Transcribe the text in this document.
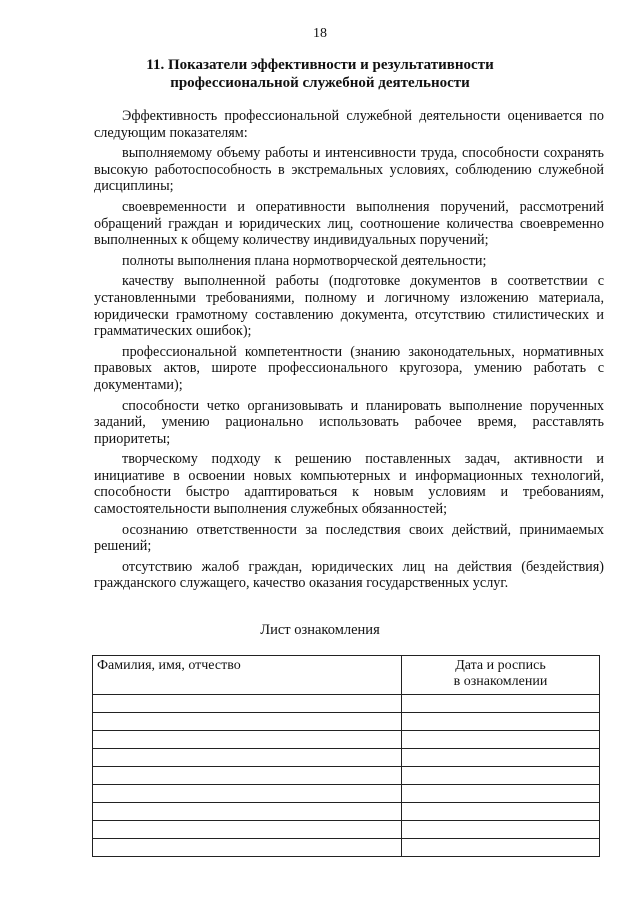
18
11. Показатели эффективности и результативности
профессиональной служебной деятельности

Эффективность профессиональной служебной деятельности оценивается по следующим показателям:

выполняемому объему работы и интенсивности труда, способности сохранять высокую работоспособность в экстремальных условиях, соблюдению служебной дисциплины;

своевременности и оперативности выполнения поручений, рассмотрений обращений граждан и юридических лиц, соотношение количества своевременно выполненных к общему количеству индивидуальных поручений;

полноты выполнения плана нормотворческой деятельности;

качеству выполненной работы (подготовке документов в соответствии с установленными требованиями, полному и логичному изложению материала, юридически грамотному составлению документа, отсутствию стилистических и грамматических ошибок);

профессиональной компетентности (знанию законодательных, нормативных правовых актов, широте профессионального кругозора, умению работать с документами);

способности четко организовывать и планировать выполнение порученных заданий, умению рационально использовать рабочее время, расставлять приоритеты;

творческому подходу к решению поставленных задач, активности и инициативе в освоении новых компьютерных и информационных технологий, способности быстро адаптироваться к новым условиям и требованиям, самостоятельности выполнения служебных обязанностей;

осознанию ответственности за последствия своих действий, принимаемых решений;

отсутствию жалоб граждан, юридических лиц на действия (бездействия) гражданского служащего, качество оказания государственных услуг.

Лист ознакомления
Фамилия, имя, отчество	Дата и роспись
в ознакомлении
